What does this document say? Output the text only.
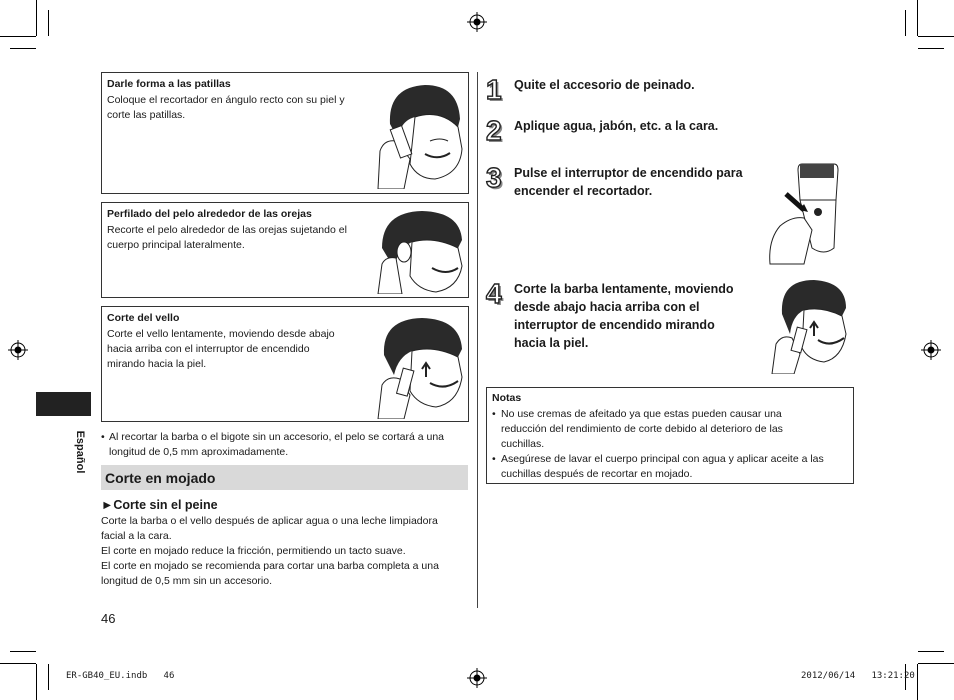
Español
Darle forma a las patillas
Coloque el recortador en ángulo recto con su piel y
corte las patillas.
Perfilado del pelo alrededor de las orejas
Recorte el pelo alrededor de las orejas sujetando el
cuerpo principal lateralmente.
Corte del vello
Corte el vello lentamente, moviendo desde abajo
hacia arriba con el interruptor de encendido
mirando hacia la piel.
• Al recortar la barba o el bigote sin un accesorio, el pelo se cortará a una
longitud de 0,5 mm aproximadamente.
Corte en mojado
►Corte sin el peine
Corte la barba o el vello después de aplicar agua o una leche limpiadora
facial a la cara.
El corte en mojado reduce la fricción, permitiendo un tacto suave.
El corte en mojado se recomienda para cortar una barba completa a una
longitud de 0,5 mm sin un accesorio.
46
1 Quite el accesorio de peinado.
2 Aplique agua, jabón, etc. a la cara.
3 Pulse el interruptor de encendido para
encender el recortador.
4 Corte la barba lentamente, moviendo
desde abajo hacia arriba con el
interruptor de encendido mirando
hacia la piel.
Notas
• No use cremas de afeitado ya que estas pueden causar una
reducción del rendimiento de corte debido al deterioro de las
cuchillas.
• Asegúrese de lavar el cuerpo principal con agua y aplicar aceite a las
cuchillas después de recortar en mojado.
ER-GB40_EU.indb   46	2012/06/14   13:21:20
